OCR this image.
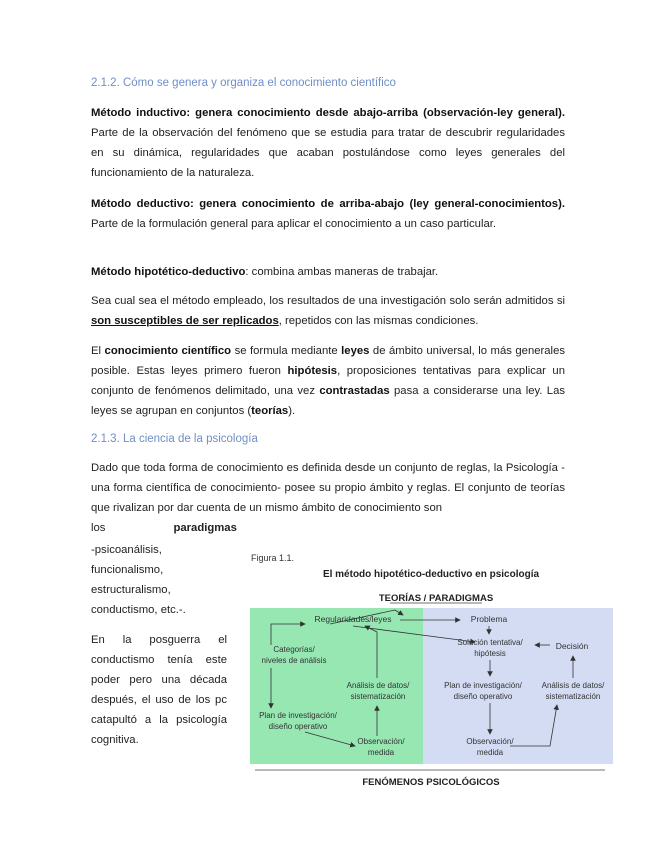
2.1.2. Cómo se genera y organiza el conocimiento científico

Método inductivo: genera conocimiento desde abajo-arriba (observación-ley general). Parte de la observación del fenómeno que se estudia para tratar de descubrir regularidades en su dinámica, regularidades que acaban postulándose como leyes generales del funcionamiento de la naturaleza.

Método deductivo: genera conocimiento de arriba-abajo (ley general-conocimientos). Parte de la formulación general para aplicar el conocimiento a un caso particular.

Método hipotético-deductivo: combina ambas maneras de trabajar.

Sea cual sea el método empleado, los resultados de una investigación solo serán admitidos si son susceptibles de ser replicados, repetidos con las mismas condiciones.

El conocimiento científico se formula mediante leyes de ámbito universal, lo más generales posible. Estas leyes primero fueron hipótesis, proposiciones tentativas para explicar un conjunto de fenómenos delimitado, una vez contrastadas pasa a considerarse una ley. Las leyes se agrupan en conjuntos (teorías).

2.1.3. La ciencia de la psicología

Dado que toda forma de conocimiento es definida desde un conjunto de reglas, la Psicología -una forma científica de conocimiento- posee su propio ámbito y reglas. El conjunto de teorías que rivalizan por dar cuenta de un mismo ámbito de conocimiento son

los	paradigmas
-psicoanálisis,
funcionalismo,
estructuralismo,
conductismo, etc.-.

En la posguerra el conductismo tenía este poder pero una década después, el uso de los pc catapultó a la psicología cognitiva.

Figura 1.1.
El método hipotético-deductivo en psicología
TEORÍAS / PARADIGMAS
Regularidades/leyes	Problema
Categorías/
niveles de análisis
Solución tentativa/
hipótesis
Decisión
Análisis de datos/
sistematización
Plan de investigación/
diseño operativo
Análisis de datos/
sistematización
Plan de investigación/
diseño operativo
Observación/
medida
Observación/
medida
FENÓMENOS PSICOLÓGICOS
